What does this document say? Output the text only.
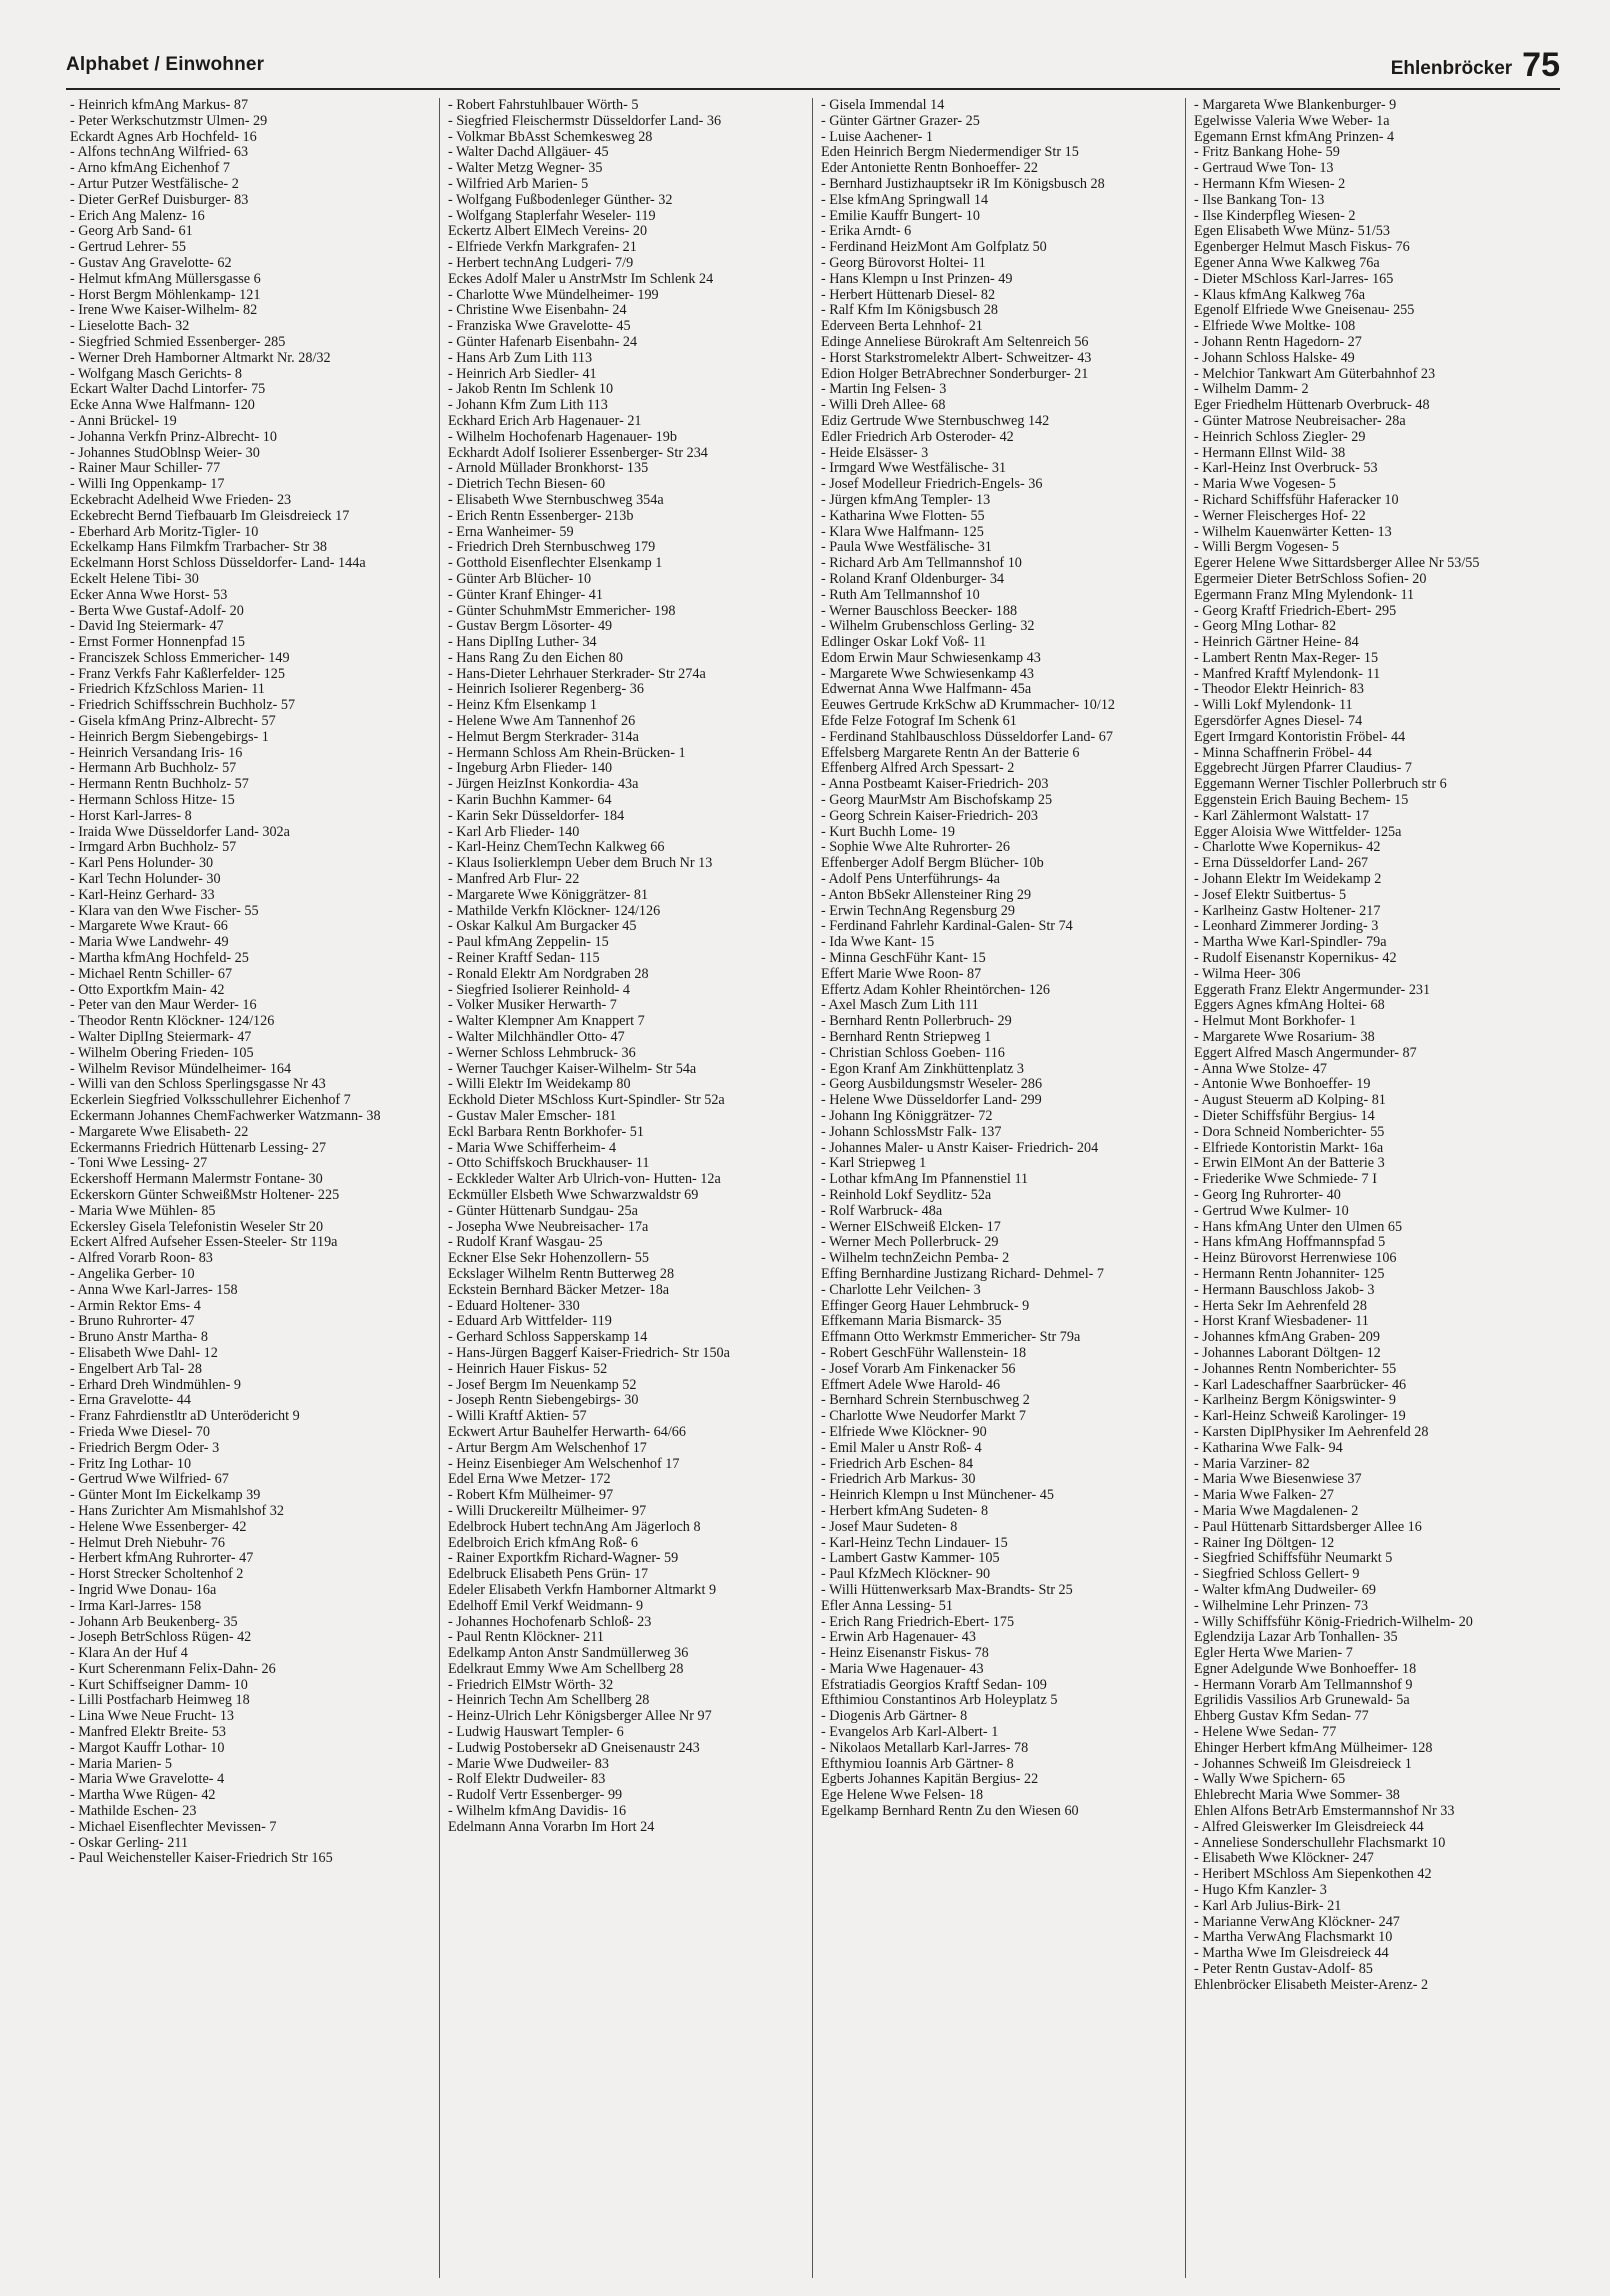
Alphabet / Einwohner	Ehlenbröcker 75
- Heinrich kfmAng Markus- 87
- Peter Werkschutzmstr Ulmen- 29
Eckardt Agnes Arb Hochfeld- 16
- Alfons technAng Wilfried- 63
- Arno kfmAng Eichenhof 7
- Artur Putzer Westfälische- 2
- Dieter GerRef Duisburger- 83
- Erich Ang Malenz- 16
- Georg Arb Sand- 61
- Gertrud Lehrer- 55
- Gustav Ang Gravelotte- 62
- Helmut kfmAng Müllersgasse 6
- Horst Bergm Möhlenkamp- 121
- Irene Wwe Kaiser-Wilhelm- 82
- Lieselotte Bach- 32
- Siegfried Schmied Essenberger- 285
- Werner Dreh Hamborner Altmarkt Nr. 28/32
- Wolfgang Masch Gerichts- 8
Eckart Walter Dachd Lintorfer- 75
Ecke Anna Wwe Halfmann- 120
- Anni Brückel- 19
- Johanna Verkfn Prinz-Albrecht- 10
- Johannes StudOblnsp Weier- 30
- Rainer Maur Schiller- 77
- Willi Ing Oppenkamp- 17
Eckebracht Adelheid Wwe Frieden- 23
Eckebrecht Bernd Tiefbauarb Im Gleisdreieck 17
- Eberhard Arb Moritz-Tigler- 10
Eckelkamp Hans Filmkfm Trarbacher- Str 38
Eckelmann Horst Schloss Düsseldorfer- Land- 144a
Eckelt Helene Tibi- 30
Ecker Anna Wwe Horst- 53
- Berta Wwe Gustaf-Adolf- 20
- David Ing Steiermark- 47
- Ernst Former Honnenpfad 15
- Franciszek Schloss Emmericher- 149
- Franz Verkfs Fahr Kaßlerfelder- 125
- Friedrich KfzSchloss Marien- 11
- Friedrich Schiffsschrein Buchholz- 57
- Gisela kfmAng Prinz-Albrecht- 57
- Heinrich Bergm Siebengebirgs- 1
- Heinrich Versandang Iris- 16
- Hermann Arb Buchholz- 57
- Hermann Rentn Buchholz- 57
- Hermann Schloss Hitze- 15
- Horst Karl-Jarres- 8
- Iraida Wwe Düsseldorfer Land- 302a
- Irmgard Arbn Buchholz- 57
- Karl Pens Holunder- 30
- Karl Techn Holunder- 30
- Karl-Heinz Gerhard- 33
- Klara van den Wwe Fischer- 55
- Margarete Wwe Kraut- 66
- Maria Wwe Landwehr- 49
- Martha kfmAng Hochfeld- 25
- Michael Rentn Schiller- 67
- Otto Exportkfm Main- 42
- Peter van den Maur Werder- 16
- Theodor Rentn Klöckner- 124/126
- Walter DiplIng Steiermark- 47
- Wilhelm Obering Frieden- 105
- Wilhelm Revisor Mündelheimer- 164
- Willi van den Schloss Sperlingsgasse Nr 43
Eckerlein Siegfried Volksschullehrer Eichenhof 7
Eckermann Johannes ChemFachwerker Watzmann- 38
- Margarete Wwe Elisabeth- 22
Eckermanns Friedrich Hüttenarb Lessing- 27
- Toni Wwe Lessing- 27
Eckershoff Hermann Malermstr Fontane- 30
Eckerskorn Günter SchweißMstr Holtener- 225
- Maria Wwe Mühlen- 85
Eckersley Gisela Telefonistin Weseler Str 20
Eckert Alfred Aufseher Essen-Steeler- Str 119a
- Alfred Vorarb Roon- 83
- Angelika Gerber- 10
- Anna Wwe Karl-Jarres- 158
- Armin Rektor Ems- 4
- Bruno Ruhrorter- 47
- Bruno Anstr Martha- 8
- Elisabeth Wwe Dahl- 12
- Engelbert Arb Tal- 28
- Erhard Dreh Windmühlen- 9
- Erna Gravelotte- 44
- Franz Fahrdienstltr aD Unterödericht 9
- Frieda Wwe Diesel- 70
- Friedrich Bergm Oder- 3
- Fritz Ing Lothar- 10
- Gertrud Wwe Wilfried- 67
- Günter Mont Im Eickelkamp 39
- Hans Zurichter Am Mismahlshof 32
- Helene Wwe Essenberger- 42
- Helmut Dreh Niebuhr- 76
- Herbert kfmAng Ruhrorter- 47
- Horst Strecker Scholtenhof 2
- Ingrid Wwe Donau- 16a
- Irma Karl-Jarres- 158
- Johann Arb Beukenberg- 35
- Joseph BetrSchloss Rügen- 42
- Klara An der Huf 4
- Kurt Scherenmann Felix-Dahn- 26
- Kurt Schiffseigner Damm- 10
- Lilli Postfacharb Heimweg 18
- Lina Wwe Neue Frucht- 13
- Manfred Elektr Breite- 53
- Margot Kauffr Lothar- 10
- Maria Marien- 5
- Maria Wwe Gravelotte- 4
- Martha Wwe Rügen- 42
- Mathilde Eschen- 23
- Michael Eisenflechter Mevissen- 7
- Oskar Gerling- 211
- Paul Weichensteller Kaiser-Friedrich Str 165
- Robert Fahrstuhlbauer Wörth- 5
- Siegfried Fleischermstr Düsseldorfer Land- 36
- Volkmar BbAsst Schemkesweg 28
- Walter Dachd Allgäuer- 45
- Walter Metzg Wegner- 35
- Wilfried Arb Marien- 5
- Wolfgang Fußbodenleger Günther- 32
- Wolfgang Staplerfahr Weseler- 119
Eckertz Albert ElMech Vereins- 20
- Elfriede Verkfn Markgrafen- 21
- Herbert technAng Ludgeri- 7/9
Eckes Adolf Maler u AnstrMstr Im Schlenk 24
- Charlotte Wwe Mündelheimer- 199
- Christine Wwe Eisenbahn- 24
- Franziska Wwe Gravelotte- 45
- Günter Hafenarb Eisenbahn- 24
- Hans Arb Zum Lith 113
- Heinrich Arb Siedler- 41
- Jakob Rentn Im Schlenk 10
- Johann Kfm Zum Lith 113
Eckhard Erich Arb Hagenauer- 21
- Wilhelm Hochofenarb Hagenauer- 19b
Eckhardt Adolf Isolierer Essenberger- Str 234
- Arnold Müllader Bronkhorst- 135
- Dietrich Techn Biesen- 60
- Elisabeth Wwe Sternbuschweg 354a
- Erich Rentn Essenberger- 213b
- Erna Wanheimer- 59
- Friedrich Dreh Sternbuschweg 179
- Gotthold Eisenflechter Elsenkamp 1
- Günter Arb Blücher- 10
- Günter Kranf Ehinger- 41
- Günter SchuhmMstr Emmericher- 198
- Gustav Bergm Lösorter- 49
- Hans DiplIng Luther- 34
- Hans Rang Zu den Eichen 80
- Hans-Dieter Lehrhauer Sterkrader- Str 274a
- Heinrich Isolierer Regenberg- 36
- Heinz Kfm Elsenkamp 1
- Helene Wwe Am Tannenhof 26
- Helmut Bergm Sterkrader- 314a
- Hermann Schloss Am Rhein-Brücken- 1
- Ingeburg Arbn Flieder- 140
- Jürgen HeizInst Konkordia- 43a
- Karin Buchhn Kammer- 64
- Karin Sekr Düsseldorfer- 184
- Karl Arb Flieder- 140
- Karl-Heinz ChemTechn Kalkweg 66
- Klaus Isolierklempn Ueber dem Bruch Nr 13
- Manfred Arb Flur- 22
- Margarete Wwe Königgrätzer- 81
- Mathilde Verkfn Klöckner- 124/126
- Oskar Kalkul Am Burgacker 45
- Paul kfmAng Zeppelin- 15
- Reiner Kraftf Sedan- 115
- Ronald Elektr Am Nordgraben 28
- Siegfried Isolierer Reinhold- 4
- Volker Musiker Herwarth- 7
- Walter Klempner Am Knappert 7
- Walter Milchhändler Otto- 47
- Werner Schloss Lehmbruck- 36
- Werner Tauchger Kaiser-Wilhelm- Str 54a
- Willi Elektr Im Weidekamp 80
Eckhold Dieter MSchloss Kurt-Spindler- Str 52a
- Gustav Maler Emscher- 181
Eckl Barbara Rentn Borkhofer- 51
- Maria Wwe Schifferheim- 4
- Otto Schiffskoch Bruckhauser- 11
- Eckkleder Walter Arb Ulrich-von- Hutten- 12a
Eckmüller Elsbeth Wwe Schwarzwaldstr 69
- Günter Hüttenarb Sundgau- 25a
- Josepha Wwe Neubreisacher- 17a
- Rudolf Kranf Wasgau- 25
Eckner Else Sekr Hohenzollern- 55
Eckslager Wilhelm Rentn Butterweg 28
Eckstein Bernhard Bäcker Metzer- 18a
- Eduard Holtener- 330
- Eduard Arb Wittfelder- 119
- Gerhard Schloss Sapperskamp 14
- Hans-Jürgen Baggerf Kaiser-Friedrich- Str 150a
- Heinrich Hauer Fiskus- 52
- Josef Bergm Im Neuenkamp 52
- Joseph Rentn Siebengebirgs- 30
- Willi Kraftf Aktien- 57
Eckwert Artur Bauhelfer Herwarth- 64/66
- Artur Bergm Am Welschenhof 17
- Heinz Eisenbieger Am Welschenhof 17
Edel Erna Wwe Metzer- 172
- Robert Kfm Mülheimer- 97
- Willi Druckereiltr Mülheimer- 97
Edelbrock Hubert technAng Am Jägerloch 8
Edelbroich Erich kfmAng Roß- 6
- Rainer Exportkfm Richard-Wagner- 59
Edelbruck Elisabeth Pens Grün- 17
Edeler Elisabeth Verkfn Hamborner Altmarkt 9
Edelhoff Emil Verkf Weidmann- 9
- Johannes Hochofenarb Schloß- 23
- Paul Rentn Klöckner- 211
Edelkamp Anton Anstr Sandmüllerweg 36
Edelkraut Emmy Wwe Am Schellberg 28
- Friedrich ElMstr Wörth- 32
- Heinrich Techn Am Schellberg 28
- Heinz-Ulrich Lehr Königsberger Allee Nr 97
- Ludwig Hauswart Templer- 6
- Ludwig Postobersekr aD Gneisenaustr 243
- Marie Wwe Dudweiler- 83
- Rolf Elektr Dudweiler- 83
- Rudolf Vertr Essenberger- 99
- Wilhelm kfmAng Davidis- 16
Edelmann Anna Vorarbn Im Hort 24
- Gisela Immendal 14
- Günter Gärtner Grazer- 25
- Luise Aachener- 1
Eden Heinrich Bergm Niedermendiger Str 15
Eder Antoniette Rentn Bonhoeffer- 22
- Bernhard Justizhauptsekr iR Im Königsbusch 28
- Else kfmAng Springwall 14
- Emilie Kauffr Bungert- 10
- Erika Arndt- 6
- Ferdinand HeizMont Am Golfplatz 50
- Georg Bürovorst Holtei- 11
- Hans Klempn u Inst Prinzen- 49
- Herbert Hüttenarb Diesel- 82
- Ralf Kfm Im Königsbusch 28
Ederveen Berta Lehnhof- 21
Edinge Anneliese Bürokraft Am Seltenreich 56
- Horst Starkstromelektr Albert- Schweitzer- 43
Edion Holger BetrAbrechner Sonderburger- 21
- Martin Ing Felsen- 3
- Willi Dreh Allee- 68
Ediz Gertrude Wwe Sternbuschweg 142
Edler Friedrich Arb Osteroder- 42
- Heide Elsässer- 3
- Irmgard Wwe Westfälische- 31
- Josef Modelleur Friedrich-Engels- 36
- Jürgen kfmAng Templer- 13
- Katharina Wwe Flotten- 55
- Klara Wwe Halfmann- 125
- Paula Wwe Westfälische- 31
- Richard Arb Am Tellmannshof 10
- Roland Kranf Oldenburger- 34
- Ruth Am Tellmannshof 10
- Werner Bauschloss Beecker- 188
- Wilhelm Grubenschloss Gerling- 32
Edlinger Oskar Lokf Voß- 11
Edom Erwin Maur Schwiesenkamp 43
- Margarete Wwe Schwiesenkamp 43
Edwernat Anna Wwe Halfmann- 45a
Eeuwes Gertrude KrkSchw aD Krummacher- 10/12
Efde Felze Fotograf Im Schenk 61
- Ferdinand Stahlbauschloss Düsseldorfer Land- 67
Effelsberg Margarete Rentn An der Batterie 6
Effenberg Alfred Arch Spessart- 2
- Anna Postbeamt Kaiser-Friedrich- 203
- Georg MaurMstr Am Bischofskamp 25
- Georg Schrein Kaiser-Friedrich- 203
- Kurt Buchh Lome- 19
- Sophie Wwe Alte Ruhrorter- 26
Effenberger Adolf Bergm Blücher- 10b
- Adolf Pens Unterführungs- 4a
- Anton BbSekr Allensteiner Ring 29
- Erwin TechnAng Regensburg 29
- Ferdinand Fahrlehr Kardinal-Galen- Str 74
- Ida Wwe Kant- 15
- Minna GeschFühr Kant- 15
Effert Marie Wwe Roon- 87
Effertz Adam Kohler Rheintörchen- 126
- Axel Masch Zum Lith 111
- Bernhard Rentn Pollerbruch- 29
- Bernhard Rentn Striepweg 1
- Christian Schloss Goeben- 116
- Egon Kranf Am Zinkhüttenplatz 3
- Georg Ausbildungsmstr Weseler- 286
- Helene Wwe Düsseldorfer Land- 299
- Johann Ing Königgrätzer- 72
- Johann SchlossMstr Falk- 137
- Johannes Maler- u Anstr Kaiser- Friedrich- 204
- Karl Striepweg 1
- Lothar kfmAng Im Pfannenstiel 11
- Reinhold Lokf Seydlitz- 52a
- Rolf Warbruck- 48a
- Werner ElSchweiß Elcken- 17
- Werner Mech Pollerbruck- 29
- Wilhelm technZeichn Pemba- 2
Effing Bernhardine Justizang Richard- Dehmel- 7
- Charlotte Lehr Veilchen- 3
Effinger Georg Hauer Lehmbruck- 9
Effkemann Maria Bismarck- 35
Effmann Otto Werkmstr Emmericher- Str 79a
- Robert GeschFühr Wallenstein- 18
- Josef Vorarb Am Finkenacker 56
Effmert Adele Wwe Harold- 46
- Bernhard Schrein Sternbuschweg 2
- Charlotte Wwe Neudorfer Markt 7
- Elfriede Wwe Klöckner- 90
- Emil Maler u Anstr Roß- 4
- Friedrich Arb Eschen- 84
- Friedrich Arb Markus- 30
- Heinrich Klempn u Inst Münchener- 45
- Herbert kfmAng Sudeten- 8
- Josef Maur Sudeten- 8
- Karl-Heinz Techn Lindauer- 15
- Lambert Gastw Kammer- 105
- Paul KfzMech Klöckner- 90
- Willi Hüttenwerksarb Max-Brandts- Str 25
Efler Anna Lessing- 51
- Erich Rang Friedrich-Ebert- 175
- Erwin Arb Hagenauer- 43
- Heinz Eisenanstr Fiskus- 78
- Maria Wwe Hagenauer- 43
Efstratiadis Georgios Kraftf Sedan- 109
Efthimiou Constantinos Arb Holeyplatz 5
- Diogenis Arb Gärtner- 8
- Evangelos Arb Karl-Albert- 1
- Nikolaos Metallarb Karl-Jarres- 78
Efthymiou Ioannis Arb Gärtner- 8
Egberts Johannes Kapitän Bergius- 22
Ege Helene Wwe Felsen- 18
Egelkamp Bernhard Rentn Zu den Wiesen 60
- Margareta Wwe Blankenburger- 9
Egelwisse Valeria Wwe Weber- 1a
Egemann Ernst kfmAng Prinzen- 4
- Fritz Bankang Hohe- 59
- Gertraud Wwe Ton- 13
- Hermann Kfm Wiesen- 2
- Ilse Bankang Ton- 13
- Ilse Kinderpfleg Wiesen- 2
Egen Elisabeth Wwe Münz- 51/53
Egenberger Helmut Masch Fiskus- 76
Egener Anna Wwe Kalkweg 76a
- Dieter MSchloss Karl-Jarres- 165
- Klaus kfmAng Kalkweg 76a
Egenolf Elfriede Wwe Gneisenau- 255
- Elfriede Wwe Moltke- 108
- Johann Rentn Hagedorn- 27
- Johann Schloss Halske- 49
- Melchior Tankwart Am Güterbahnhof 23
- Wilhelm Damm- 2
Eger Friedhelm Hüttenarb Overbruck- 48
- Günter Matrose Neubreisacher- 28a
- Heinrich Schloss Ziegler- 29
- Hermann Ellnst Wild- 38
- Karl-Heinz Inst Overbruck- 53
- Maria Wwe Vogesen- 5
- Richard Schiffsführ Haferacker 10
- Werner Fleischerges Hof- 22
- Wilhelm Kauenwärter Ketten- 13
- Willi Bergm Vogesen- 5
Egerer Helene Wwe Sittardsberger Allee Nr 53/55
Egermeier Dieter BetrSchloss Sofien- 20
Egermann Franz MIng Mylendonk- 11
- Georg Kraftf Friedrich-Ebert- 295
- Georg MIng Lothar- 82
- Heinrich Gärtner Heine- 84
- Lambert Rentn Max-Reger- 15
- Manfred Kraftf Mylendonk- 11
- Theodor Elektr Heinrich- 83
- Willi Lokf Mylendonk- 11
Egersdörfer Agnes Diesel- 74
Egert Irmgard Kontoristin Fröbel- 44
- Minna Schaffnerin Fröbel- 44
Eggebrecht Jürgen Pfarrer Claudius- 7
Eggemann Werner Tischler Pollerbruch str 6
Eggenstein Erich Bauing Bechem- 15
- Karl Zählermont Walstatt- 17
Egger Aloisia Wwe Wittfelder- 125a
- Charlotte Wwe Kopernikus- 42
- Erna Düsseldorfer Land- 267
- Johann Elektr Im Weidekamp 2
- Josef Elektr Suitbertus- 5
- Karlheinz Gastw Holtener- 217
- Leonhard Zimmerer Jording- 3
- Martha Wwe Karl-Spindler- 79a
- Rudolf Eisenanstr Kopernikus- 42
- Wilma Heer- 306
Eggerath Franz Elektr Angermunder- 231
Eggers Agnes kfmAng Holtei- 68
- Helmut Mont Borkhofer- 1
- Margarete Wwe Rosarium- 38
Eggert Alfred Masch Angermunder- 87
- Anna Wwe Stolze- 47
- Antonie Wwe Bonhoeffer- 19
- August Steuerm aD Kolping- 81
- Dieter Schiffsführ Bergius- 14
- Dora Schneid Nomberichter- 55
- Elfriede Kontoristin Markt- 16a
- Erwin ElMont An der Batterie 3
- Friederike Wwe Schmiede- 7 I
- Georg Ing Ruhrorter- 40
- Gertrud Wwe Kulmer- 10
- Hans kfmAng Unter den Ulmen 65
- Hans kfmAng Hoffmannspfad 5
- Heinz Bürovorst Herrenwiese 106
- Hermann Rentn Johanniter- 125
- Hermann Bauschloss Jakob- 3
- Herta Sekr Im Aehrenfeld 28
- Horst Kranf Wiesbadener- 11
- Johannes kfmAng Graben- 209
- Johannes Laborant Döltgen- 12
- Johannes Rentn Nomberichter- 55
- Karl Ladeschaffner Saarbrücker- 46
- Karlheinz Bergm Königswinter- 9
- Karl-Heinz Schweiß Karolinger- 19
- Karsten DiplPhysiker Im Aehrenfeld 28
- Katharina Wwe Falk- 94
- Maria Varziner- 82
- Maria Wwe Biesenwiese 37
- Maria Wwe Falken- 27
- Maria Wwe Magdalenen- 2
- Paul Hüttenarb Sittardsberger Allee 16
- Rainer Ing Döltgen- 12
- Siegfried Schiffsführ Neumarkt 5
- Siegfried Schloss Gellert- 9
- Walter kfmAng Dudweiler- 69
- Wilhelmine Lehr Prinzen- 73
- Willy Schiffsführ König-Friedrich-Wilhelm- 20
Eglendzija Lazar Arb Tonhallen- 35
Egler Herta Wwe Marien- 7
Egner Adelgunde Wwe Bonhoeffer- 18
- Hermann Vorarb Am Tellmannshof 9
Egrilidis Vassilios Arb Grunewald- 5a
Ehberg Gustav Kfm Sedan- 77
- Helene Wwe Sedan- 77
Ehinger Herbert kfmAng Mülheimer- 128
- Johannes Schweiß Im Gleisdreieck 1
- Wally Wwe Spichern- 65
Ehlebrecht Maria Wwe Sommer- 38
Ehlen Alfons BetrArb Emstermannshof Nr 33
- Alfred Gleiswerker Im Gleisdreieck 44
- Anneliese Sonderschullehr Flachsmarkt 10
- Elisabeth Wwe Klöckner- 247
- Heribert MSchloss Am Siepenkothen 42
- Hugo Kfm Kanzler- 3
- Karl Arb Julius-Birk- 21
- Marianne VerwAng Klöckner- 247
- Martha VerwAng Flachsmarkt 10
- Martha Wwe Im Gleisdreieck 44
- Peter Rentn Gustav-Adolf- 85
Ehlenbröcker Elisabeth Meister-Arenz- 2
